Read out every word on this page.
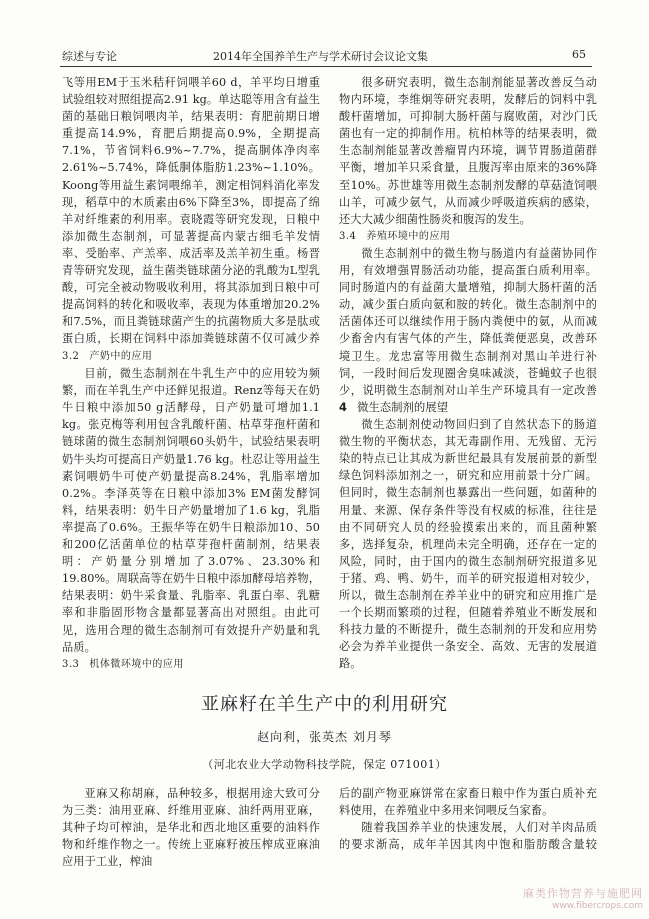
综述与专论	2014年全国养羊生产与学术研讨会议论文集	65

飞等用EM于玉米秸秆饲喂羊60 d，羊平均日增重试验组较对照组提高2.91 kg。单达聪等用含有益生菌的基础日粮饲喂肉羊，结果表明：育肥前期日增重提高14.9%，育肥后期提高0.9%，全期提高7.1%，节省饲料6.9%~7.7%，提高胴体净肉率2.61%~5.74%，降低胴体脂肪1.23%~1.10%。Koong等用益生素饲喂绵羊，测定相饲料消化率发现，稻草中的木质素由6%下降至3%，即提高了绵羊对纤维素的利用率。袁晓霞等研究发现，日粮中添加微生态制剂，可显著提高内蒙古细毛羊发情率、受胎率、产羔率、成活率及羔羊初生重。杨晋青等研究发现，益生菌类链球菌分泌的乳酸为L型乳酸，可完全被动物吸收利用，将其添加到日粮中可提高饲料的转化和吸收率，表现为体重增加20.2%和7.5%，而且粪链球菌产生的抗菌物质大多是肽或蛋白质，长期在饲料中添加粪链球菌不仅可减少养

3.2 产奶中的应用

目前，微生态制剂在牛乳生产中的应用较为频繁，而在羊乳生产中还鲜见报道。Renz等每天在奶牛日粮中添加50 g活酵母，日产奶量可增加1.1 kg。张克梅等利用包含乳酸杆菌、枯草芽孢杆菌和链球菌的微生态制剂饲喂60头奶牛，试验结果表明奶牛头均可提高日产奶量1.76 kg。杜忍让等用益生素饲喂奶牛可使产奶量提高8.24%，乳脂率增加0.2%。李泽英等在日粮中添加3% EM菌发酵饲料，结果表明：奶牛日产奶量增加了1.6 kg，乳脂率提高了0.6%。王振华等在奶牛日粮添加10、50和200亿活菌单位的枯草芽孢杆菌制剂，结果表明：产奶量分别增加了3.07%、23.30%和19.80%。周联高等在奶牛日粮中添加酵母培养物，结果表明：奶牛采食量、乳脂率、乳蛋白率、乳糖率和非脂固形物含量都显著高出对照组。由此可见，选用合理的微生态制剂可有效提升产奶量和乳品质。

3.3 机体微环境中的应用

很多研究表明，微生态制剂能显著改善反刍动物内环境，李维炯等研究表明，发酵后的饲料中乳酸杆菌增加，可抑制大肠杆菌与腐败菌，对沙门氏菌也有一定的抑制作用。杭柏林等的结果表明，微生态制剂能显著改善瘤胃内环境，调节胃肠道菌群平衡，增加羊只采食量，且腹泻率由原来的36%降至10%。苏世雄等用微生态制剂发酵的草菇渣饲喂山羊，可减少氨气，从而减少呼吸道疾病的感染，还大大减少细菌性肠炎和腹泻的发生。

3.4 养殖环境中的应用

微生态制剂中的微生物与肠道内有益菌协同作用，有效增强胃肠活动功能，提高蛋白质利用率。同时肠道内的有益菌大量增殖，抑制大肠杆菌的活动，减少蛋白质向氨和胺的转化。微生态制剂中的活菌体还可以继续作用于肠内粪便中的氨，从而减少畜舍内有害气体的产生，降低粪便恶臭，改善环境卫生。龙忠富等用微生态制剂对黑山羊进行补饲，一段时间后发现圈舍臭味减淡，苍蝇蚊子也很少，说明微生态制剂对山羊生产环境具有一定改善

4 微生态制剂的展望

微生态制剂使动物回归到了自然状态下的肠道微生物的平衡状态，其无毒副作用、无残留、无污染的特点已让其成为新世纪最具有发展前景的新型绿色饲料添加剂之一，研究和应用前景十分广阔。但同时，微生态制剂也暴露出一些问题，如菌种的用量、来源、保存条件等没有权威的标准，往往是由不同研究人员的经验摸索出来的，而且菌种繁多，选择复杂，机理尚未完全明确，还存在一定的风险，同时，由于国内的微生态制剂研究报道多见于猪、鸡、鸭、奶牛，而羊的研究报道相对较少，所以，微生态制剂在养羊业中的研究和应用推广是一个长期而繁琐的过程，但随着养殖业不断发展和科技力量的不断提升，微生态制剂的开发和应用势必会为养羊业提供一条安全、高效、无害的发展道路。

亚麻籽在羊生产中的利用研究
赵向利，张英杰 刘月琴
（河北农业大学动物科技学院，保定 071001）

亚麻又称胡麻，品种较多，根据用途大致可分为三类：油用亚麻、纤维用亚麻、油纤两用亚麻，其种子均可榨油，是华北和西北地区重要的油料作物和纤维作物之一。传统上亚麻籽被压榨成亚麻油应用于工业，榨油

后的副产物亚麻饼常在家畜日粮中作为蛋白质补充料使用，在养殖业中多用来饲喂反刍家畜。

随着我国养羊业的快速发展，人们对羊肉品质的要求渐高，成年羊因其肉中饱和脂肪酸含量较

麻类作物营养与施肥网
www.fibercrops.com
